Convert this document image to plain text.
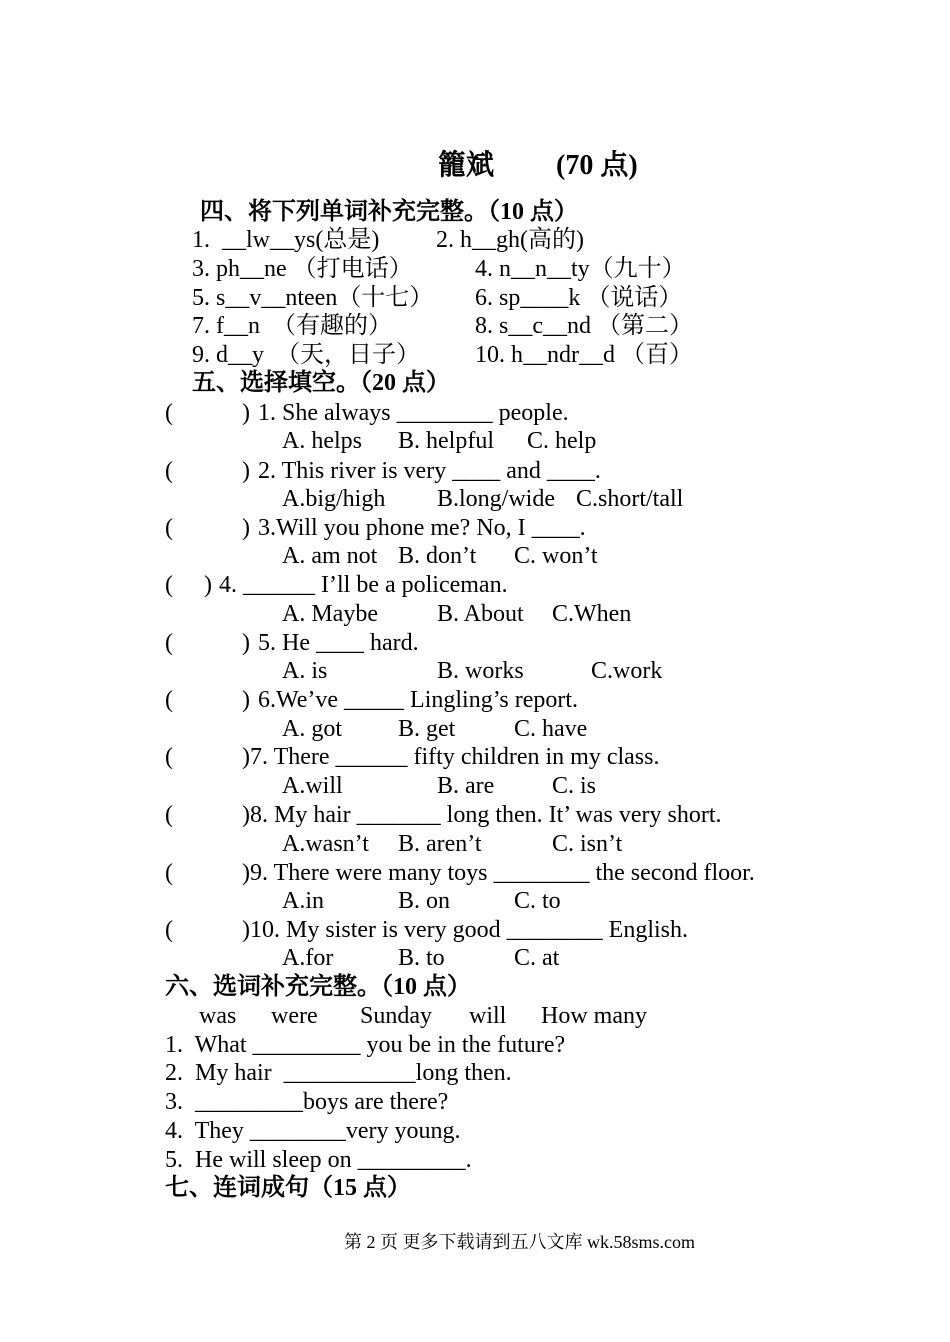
籠斌 (70 点)
四、将下列单词补充完整。（10 点）
1.  __lw__ys(总是) 2. h__gh(高的)
3. ph__ne （打电话）	4. n__n__ty（九十）
5. s__v__nteen（十七） 6. sp____k （说话）
7. f__n  （有趣的）	8. s__c__nd （第二）
9. d__y  （天，日子） 10. h__ndr__d （百）
五、选择填空。（20 点）
(	) 1. She always ________ people.
A. helps B. helpful C. help
(	) 2. This river is very ____ and ____.
A.big/high B.long/wide C.short/tall
(	) 3.Will you phone me? No, I ____.
A. am not B. don’t C. won’t
( ) 4. ______ I’ll be a policeman.
A. Maybe B. About C.When
(	) 5. He ____ hard.
A. is	B. works	C.work
(	) 6.We’ve _____ Lingling’s report.
A. got B. get C. have
(	) 7. There ______ fifty children in my class.
A.will	B. are C. is
(	) 8. My hair _______ long then. It’ was very short.
A.wasn’t B. aren’t	C. isn’t
(	) 9. There were many toys ________ the second floor.
A.in	B. on	C. to
(	) 10. My sister is very good ________ English.
A.for	B. to	C. at
六、选词补充完整。（10 点）
was were Sunday will How many
1.  What _________ you be in the future?
2.  My hair  ___________long then.
3.  _________boys are there?
4.  They ________very young.
5.  He will sleep on _________.
七、连词成句（15 点）
第 2 页 更多下载请到五八文库 wk.58sms.com
